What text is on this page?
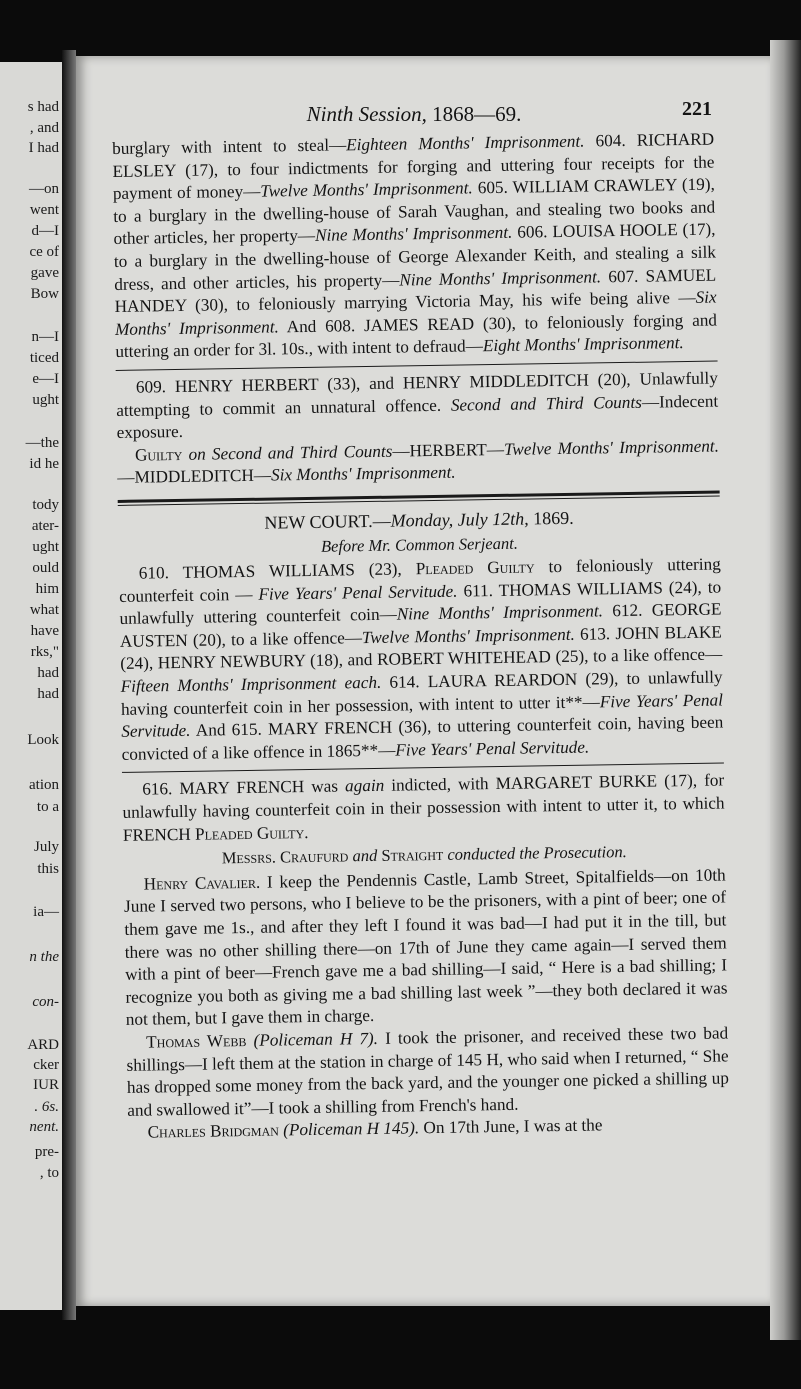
s had
, and
I had
—on
went
d—I
ce of
gave
Bow
n—I
ticed
e—I
ught
—the
id he
todу
ater-
ught
ould
him
what
have
rks,"
had
had
Look
ation
to a
July
this
ia—
n the
con-
ARD
cker
IUR
. 6s.
nent.
pre-
, to
Ninth Session, 1868—69.	221

burglary with intent to steal—Eighteen Months' Imprisonment. 604. RICHARD ELSLEY (17), to four indictments for forging and uttering four receipts for the payment of money—Twelve Months' Imprisonment. 605. WILLIAM CRAWLEY (19), to a burglary in the dwelling-house of Sarah Vaughan, and stealing two books and other articles, her property—Nine Months' Imprisonment. 606. LOUISA HOOLE (17), to a burglary in the dwelling-house of George Alexander Keith, and stealing a silk dress, and other articles, his property—Nine Months' Imprisonment. 607. SAMUEL HANDEY (30), to feloniously marrying Victoria May, his wife being alive —Six Months' Imprisonment. And 608. JAMES READ (30), to feloniously forging and uttering an order for 3l. 10s., with intent to defraud—Eight Months' Imprisonment.

609. HENRY HERBERT (33), and HENRY MIDDLEDITCH (20), Unlawfully attempting to commit an unnatural offence. Second and Third Counts—Indecent exposure.

Guilty on Second and Third Counts—HERBERT—Twelve Months' Imprisonment.—MIDDLEDITCH—Six Months' Imprisonment.

NEW COURT.—Monday, July 12th, 1869.

Before Mr. Common Serjeant.

610. THOMAS WILLIAMS (23), Pleaded Guilty to feloniously uttering counterfeit coin — Five Years' Penal Servitude. 611. THOMAS WILLIAMS (24), to unlawfully uttering counterfeit coin—Nine Months' Imprisonment. 612. GEORGE AUSTEN (20), to a like offence—Twelve Months' Imprisonment. 613. JOHN BLAKE (24), HENRY NEWBURY (18), and ROBERT WHITEHEAD (25), to a like offence—Fifteen Months' Imprisonment each. 614. LAURA REARDON (29), to unlawfully having counterfeit coin in her possession, with intent to utter it**—Five Years' Penal Servitude. And 615. MARY FRENCH (36), to uttering counterfeit coin, having been convicted of a like offence in 1865**—Five Years' Penal Servitude.

616. MARY FRENCH was again indicted, with MARGARET BURKE (17), for unlawfully having counterfeit coin in their possession with intent to utter it, to which FRENCH Pleaded Guilty.

Messrs. Craufurd and Straight conducted the Prosecution.

Henry Cavalier. I keep the Pendennis Castle, Lamb Street, Spitalfields—on 10th June I served two persons, who I believe to be the prisoners, with a pint of beer; one of them gave me 1s., and after they left I found it was bad—I had put it in the till, but there was no other shilling there—on 17th of June they came again—I served them with a pint of beer—French gave me a bad shilling—I said, “ Here is a bad shilling; I recognize you both as giving me a bad shilling last week ”—they both declared it was not them, but I gave them in charge.

Thomas Webb (Policeman H 7). I took the prisoner, and received these two bad shillings—I left them at the station in charge of 145 H, who said when I returned, “ She has dropped some money from the back yard, and the younger one picked a shilling up and swallowed it”—I took a shilling from French's hand.

Charles Bridgman (Policeman H 145). On 17th June, I was at the
